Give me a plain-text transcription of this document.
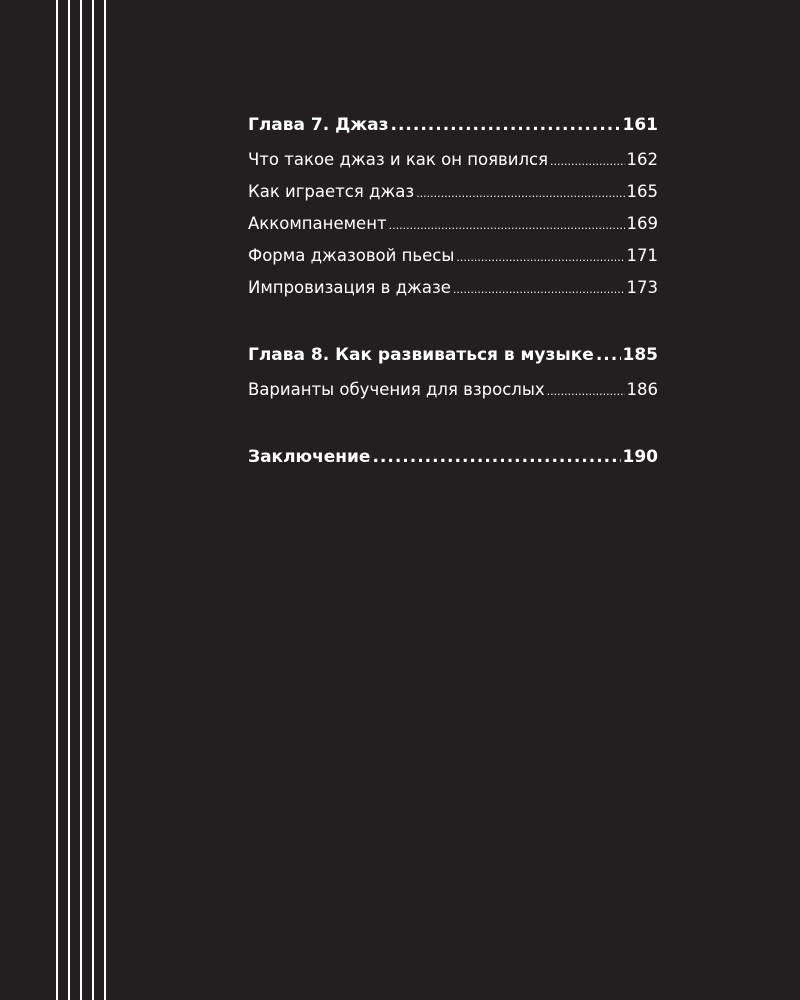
Глава 7. Джаз .....	161
Что такое джаз и как он появился .....	162
Как играется джаз .....	165
Аккомпанемент .....	169
Форма джазовой пьесы .....	171
Импровизация в джазе .....	173
Глава 8. Как развиваться в музыке ..... 185
Варианты обучения для взрослых .....	186
Заключение .....	190
